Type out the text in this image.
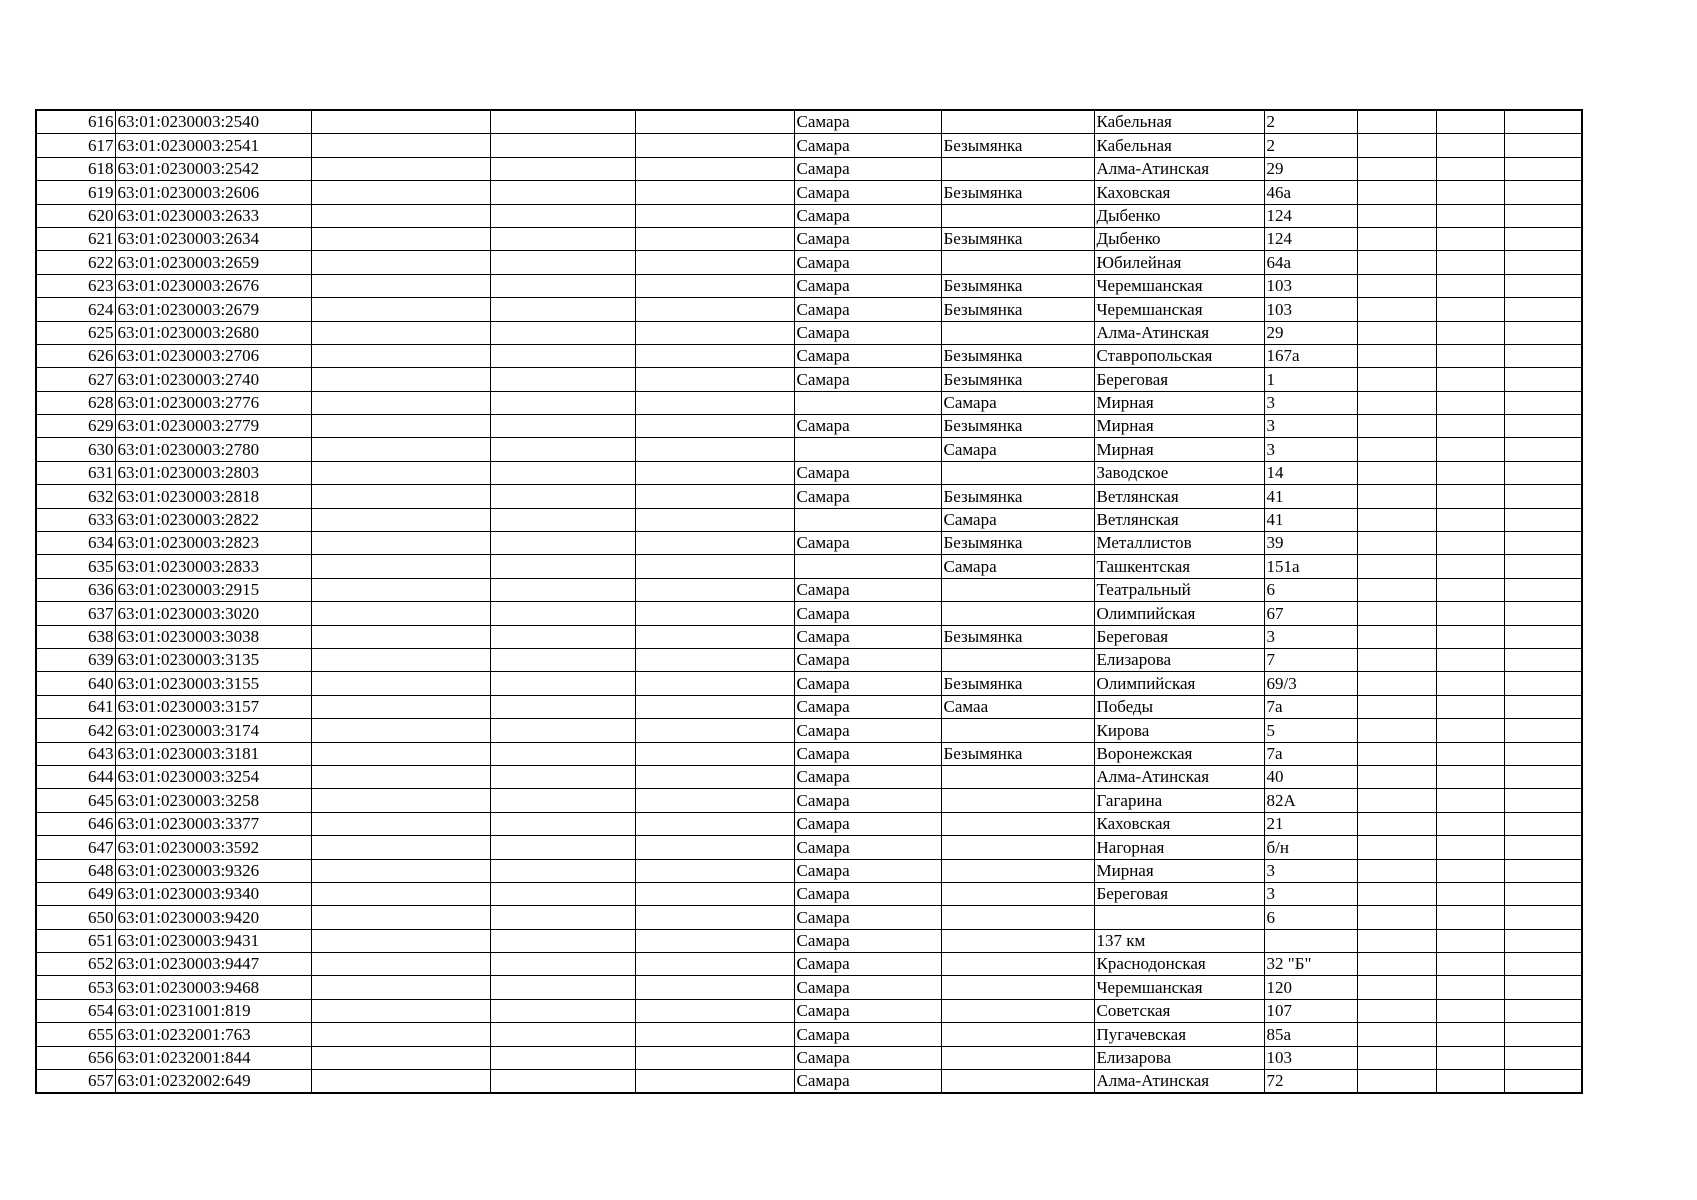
616	63:01:0230003:2540				Самара		Кабельная	2			
617	63:01:0230003:2541				Самара	Безымянка	Кабельная	2			
618	63:01:0230003:2542				Самара		Алма-Атинская	29			
619	63:01:0230003:2606				Самара	Безымянка	Каховская	46а			
620	63:01:0230003:2633				Самара		Дыбенко	124			
621	63:01:0230003:2634				Самара	Безымянка	Дыбенко	124			
622	63:01:0230003:2659				Самара		Юбилейная	64а			
623	63:01:0230003:2676				Самара	Безымянка	Черемшанская	103			
624	63:01:0230003:2679				Самара	Безымянка	Черемшанская	103			
625	63:01:0230003:2680				Самара		Алма-Атинская	29			
626	63:01:0230003:2706				Самара	Безымянка	Ставропольская	167а			
627	63:01:0230003:2740				Самара	Безымянка	Береговая	1			
628	63:01:0230003:2776					Самара	Мирная	3			
629	63:01:0230003:2779				Самара	Безымянка	Мирная	3			
630	63:01:0230003:2780					Самара	Мирная	3			
631	63:01:0230003:2803				Самара		Заводское	14			
632	63:01:0230003:2818				Самара	Безымянка	Ветлянская	41			
633	63:01:0230003:2822					Самара	Ветлянская	41			
634	63:01:0230003:2823				Самара	Безымянка	Металлистов	39			
635	63:01:0230003:2833					Самара	Ташкентская	151а			
636	63:01:0230003:2915				Самара		Театральный	6			
637	63:01:0230003:3020				Самара		Олимпийская	67			
638	63:01:0230003:3038				Самара	Безымянка	Береговая	3			
639	63:01:0230003:3135				Самара		Елизарова	7			
640	63:01:0230003:3155				Самара	Безымянка	Олимпийская	69/3			
641	63:01:0230003:3157				Самара	Самаа	Победы	7а			
642	63:01:0230003:3174				Самара		Кирова	5			
643	63:01:0230003:3181				Самара	Безымянка	Воронежская	7а			
644	63:01:0230003:3254				Самара		Алма-Атинская	40			
645	63:01:0230003:3258				Самара		Гагарина	82А			
646	63:01:0230003:3377				Самара		Каховская	21			
647	63:01:0230003:3592				Самара		Нагорная	б/н			
648	63:01:0230003:9326				Самара		Мирная	3			
649	63:01:0230003:9340				Самара		Береговая	3			
650	63:01:0230003:9420				Самара			6			
651	63:01:0230003:9431				Самара		137 км				
652	63:01:0230003:9447				Самара		Краснодонская	32 "Б"			
653	63:01:0230003:9468				Самара		Черемшанская	120			
654	63:01:0231001:819				Самара		Советская	107			
655	63:01:0232001:763				Самара		Пугачевская	85а			
656	63:01:0232001:844				Самара		Елизарова	103			
657	63:01:0232002:649				Самара		Алма-Атинская	72			
